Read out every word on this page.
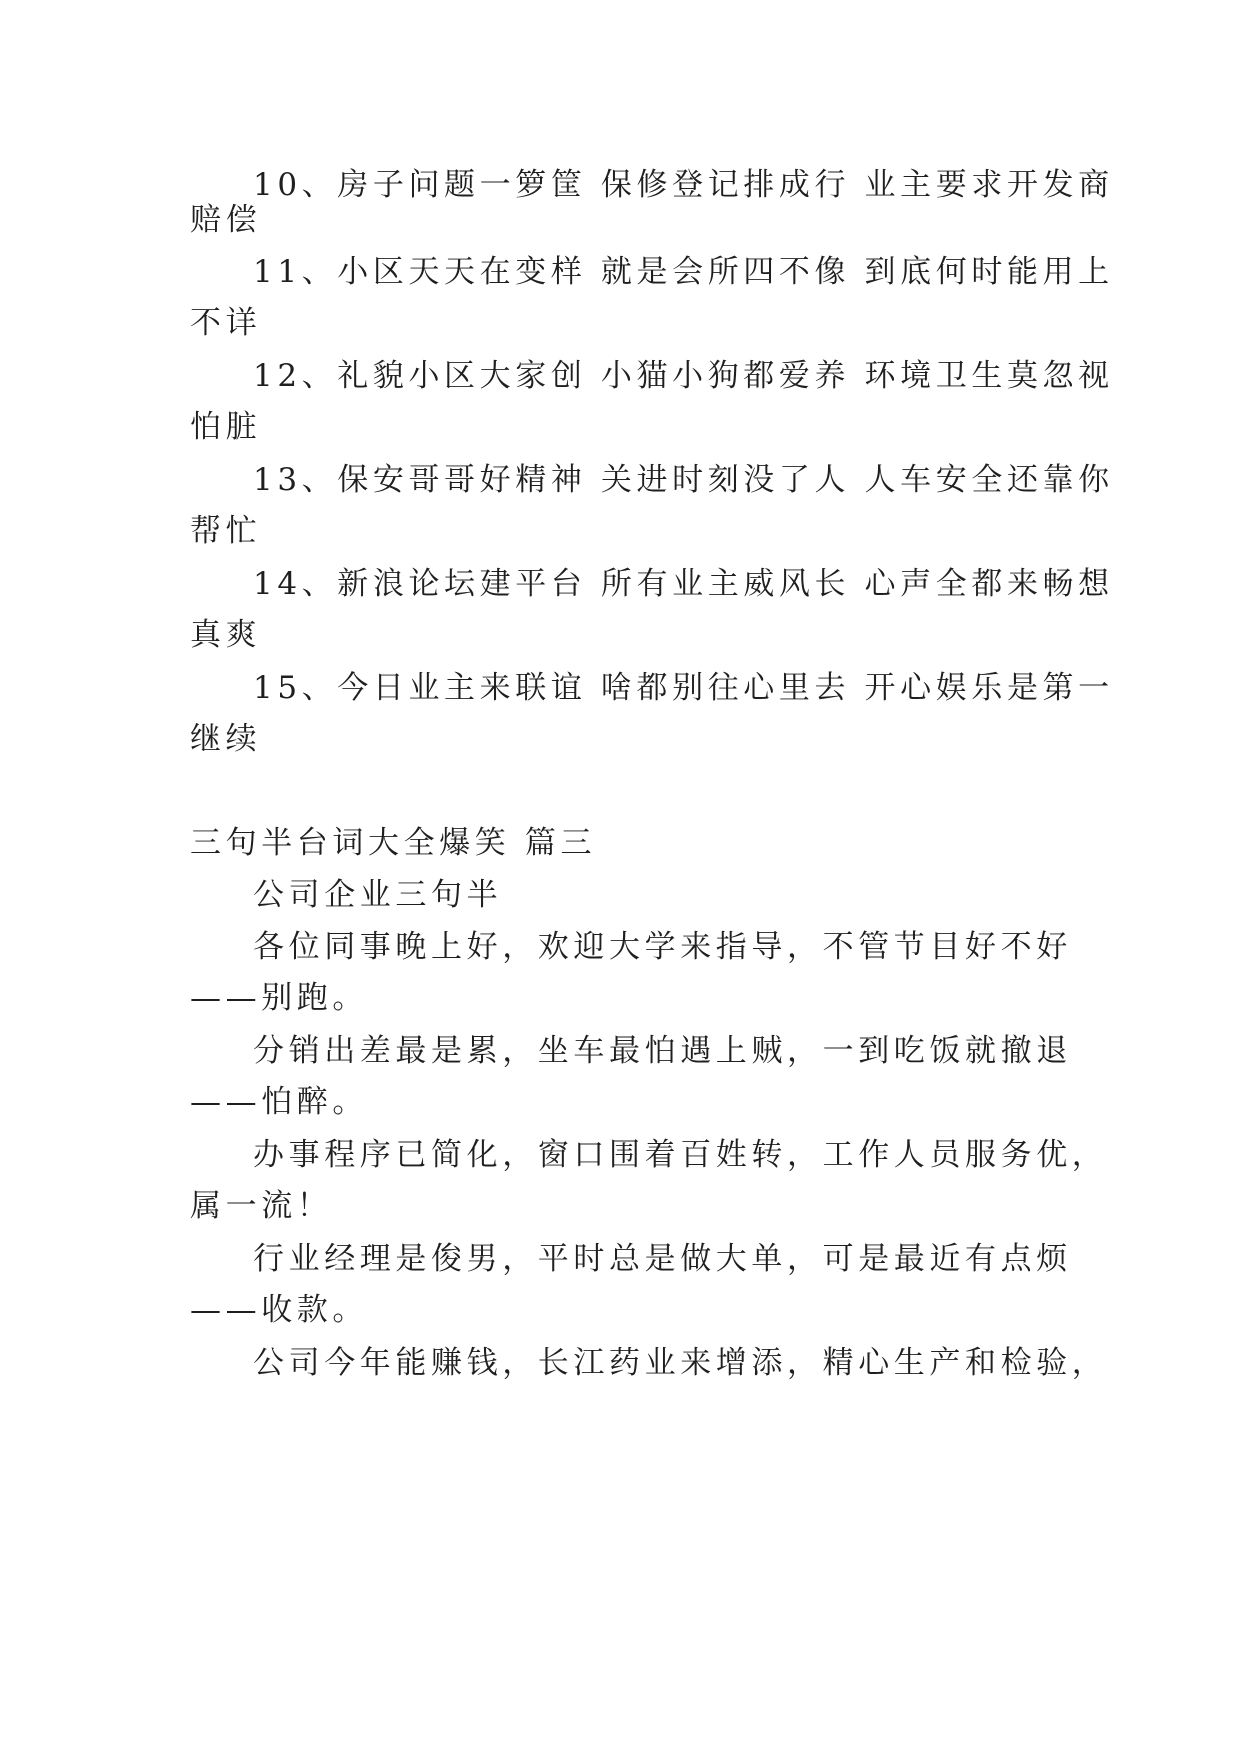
10、房子问题一箩筐 保修登记排成行 业主要求开发商
赔偿
11、小区天天在变样 就是会所四不像 到底何时能用上
不详
12、礼貌小区大家创 小猫小狗都爱养 环境卫生莫忽视
怕脏
13、保安哥哥好精神 关进时刻没了人 人车安全还靠你
帮忙
14、新浪论坛建平台 所有业主威风长 心声全都来畅想
真爽
15、今日业主来联谊 啥都别往心里去 开心娱乐是第一
继续
三句半台词大全爆笑 篇三
公司企业三句半
各位同事晚上好，欢迎大学来指导，不管节目好不好
——别跑。
分销出差最是累，坐车最怕遇上贼，一到吃饭就撤退
——怕醉。
办事程序已简化，窗口围着百姓转，工作人员服务优，
属一流！
行业经理是俊男，平时总是做大单，可是最近有点烦
——收款。
公司今年能赚钱，长江药业来增添，精心生产和检验，
